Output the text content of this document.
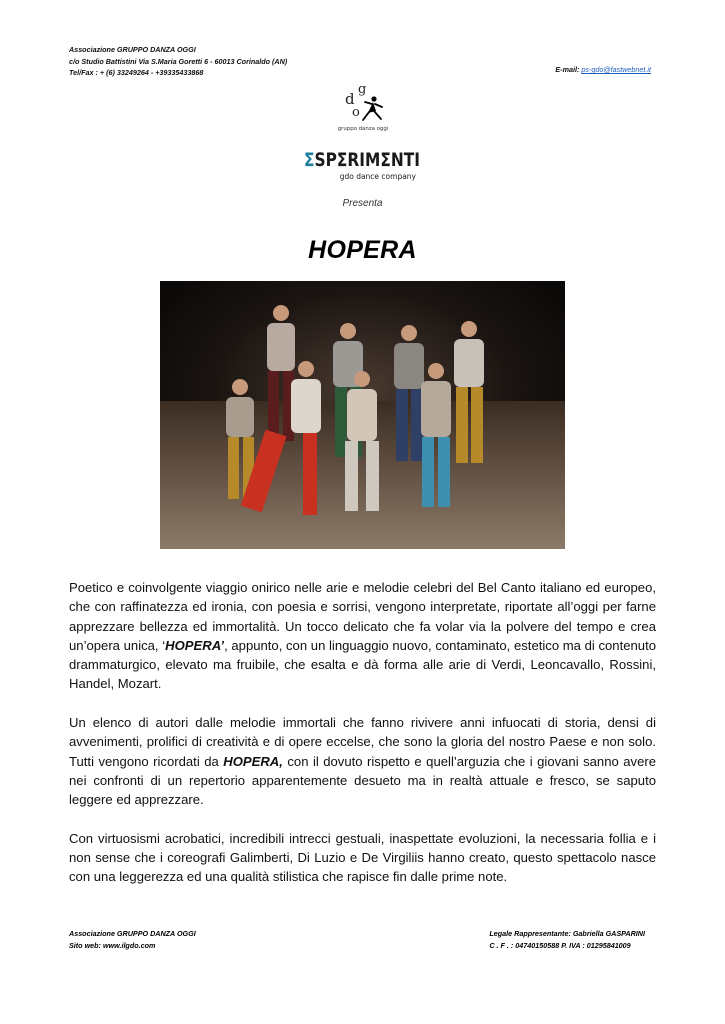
Associazione GRUPPO DANZA OGGI
c/o Studio Battistini Via S.Maria Goretti 6 - 60013 Corinaldo (AN)
Tel/Fax : + (6) 33249264 - +39335433868	E-mail: ps-gdo@fastwebnet.it
d
g
o
gruppo danza oggi
ΣSPΣRIMΣNTI
gdo dance company
Presenta
HOPERA

Poetico e coinvolgente viaggio onirico nelle arie e melodie celebri del Bel Canto italiano ed europeo, che con raffinatezza ed ironia, con poesia e sorrisi, vengono interpretate, riportate all’oggi per farne apprezzare bellezza ed immortalità. Un tocco delicato che fa volar via la polvere del tempo e crea un’opera unica, ‘HOPERA’, appunto, con un linguaggio nuovo, contaminato, estetico ma di contenuto drammaturgico, elevato ma fruibile, che esalta e dà forma alle arie di Verdi, Leoncavallo, Rossini, Handel, Mozart.

Un elenco di autori dalle melodie immortali che fanno rivivere anni infuocati di storia, densi di avvenimenti, prolifici di creatività e di opere eccelse, che sono la gloria del nostro Paese e non solo. Tutti vengono ricordati da HOPERA, con il dovuto rispetto e quell’arguzia che i giovani sanno avere nei confronti di un repertorio apparentemente desueto ma in realtà attuale e fresco, se saputo leggere ed apprezzare.

Con virtuosismi acrobatici, incredibili intrecci gestuali, inaspettate evoluzioni, la necessaria follia e i non sense che i coreografi Galimberti, Di Luzio e De Virgiliis hanno creato, questo spettacolo nasce con una leggerezza ed una qualità stilistica che rapisce fin dalle prime note.

Associazione GRUPPO DANZA OGGI
Sito web: www.ilgdo.com
Legale Rappresentante: Gabriella GASPARINI
C . F . : 04740150588 P. IVA : 01295841009
